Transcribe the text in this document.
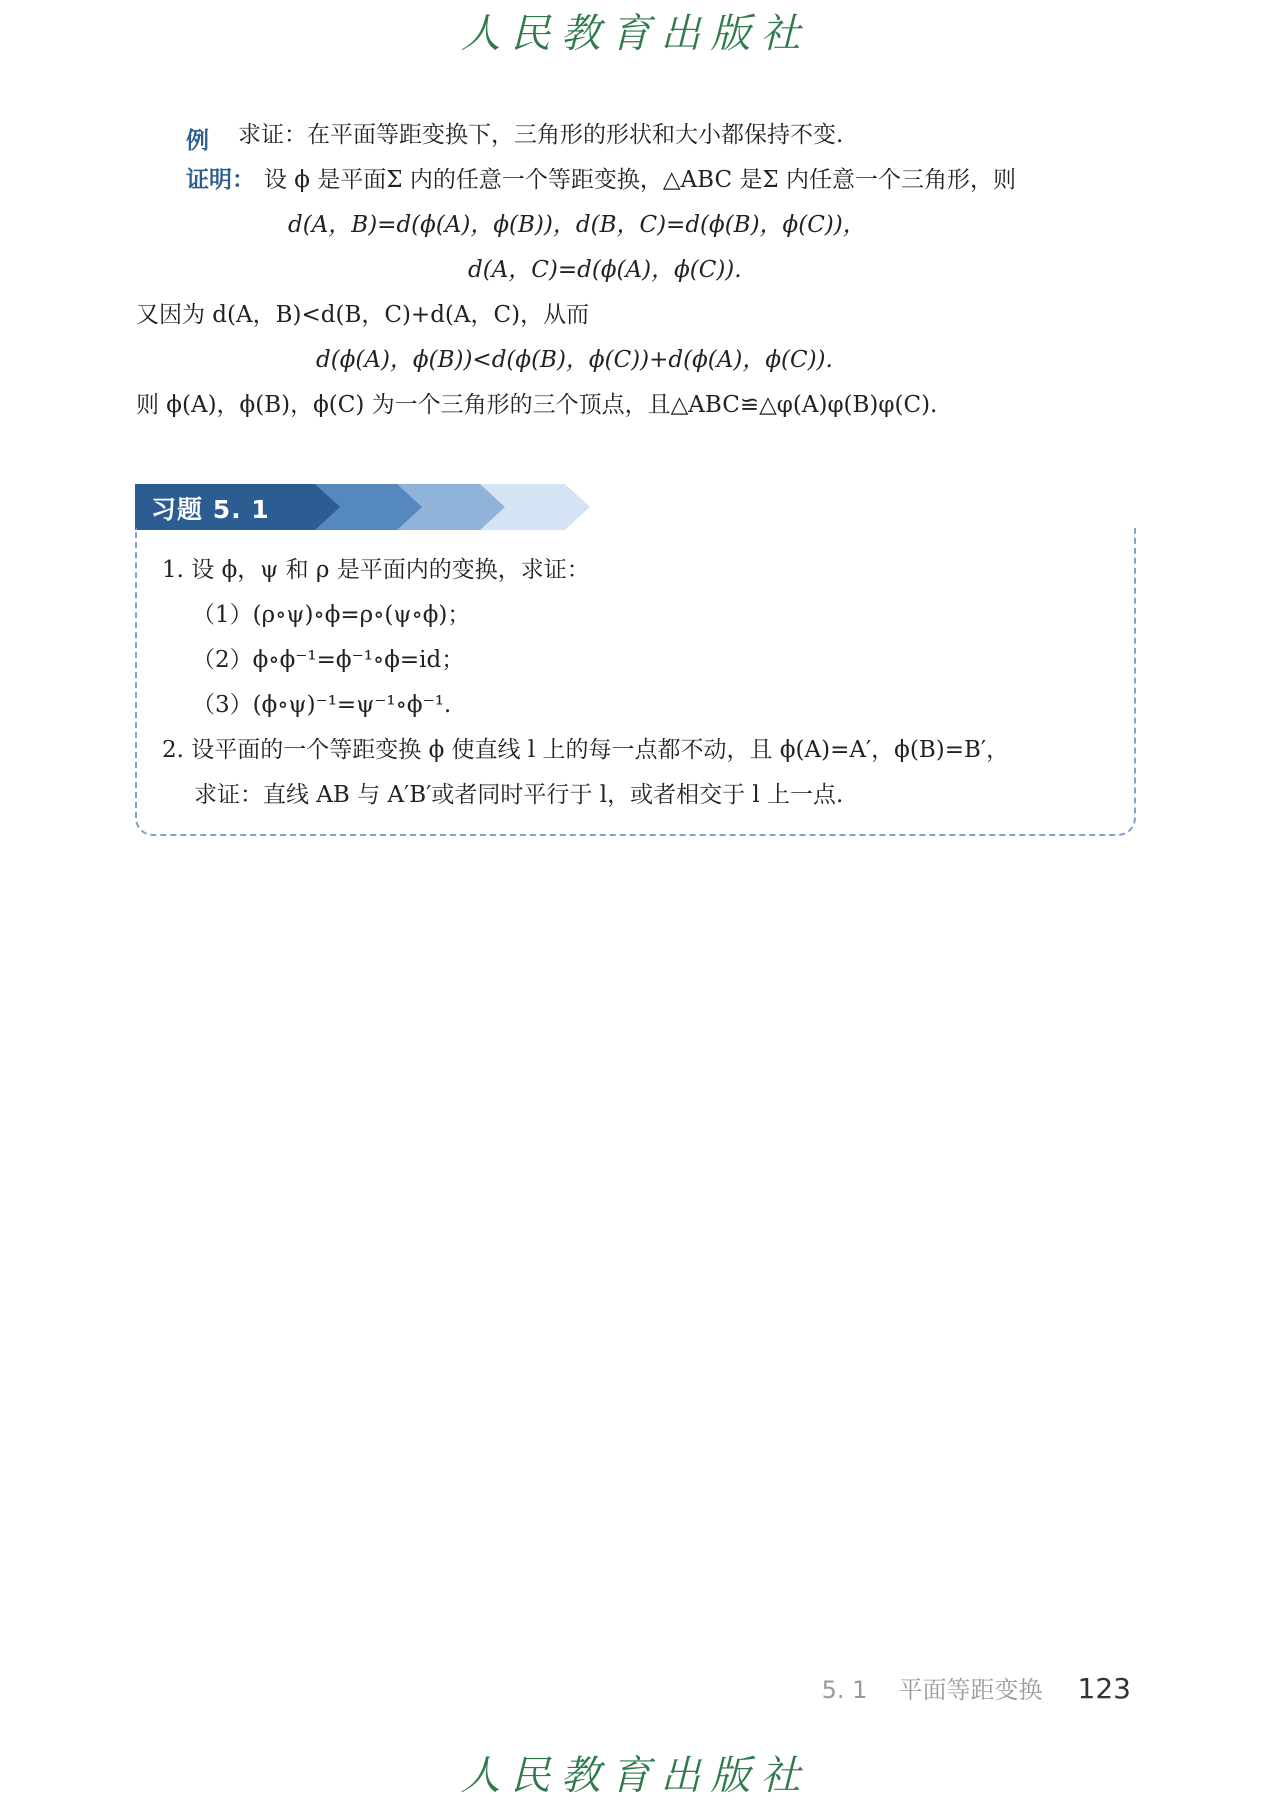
人民教育出版社
例 求证：在平面等距变换下，三角形的形状和大小都保持不变.
证明： 设 ϕ 是平面Σ 内的任意一个等距变换，△ABC 是Σ 内任意一个三角形，则
d(A，B)=d(ϕ(A)，ϕ(B))，d(B，C)=d(ϕ(B)，ϕ(C))，
d(A，C)=d(ϕ(A)，ϕ(C)).
又因为 d(A，B)<d(B，C)+d(A，C)，从而
d(ϕ(A)，ϕ(B))<d(ϕ(B)，ϕ(C))+d(ϕ(A)，ϕ(C)).
则 ϕ(A)，ϕ(B)，ϕ(C) 为一个三角形的三个顶点，且△ABC≌△φ(A)φ(B)φ(C).
习题 5. 1
1. 设 ϕ，ψ 和 ρ 是平面内的变换，求证：
（1）(ρ∘ψ)∘ϕ=ρ∘(ψ∘ϕ)；
（2）ϕ∘ϕ⁻¹=ϕ⁻¹∘ϕ=id；
（3）(ϕ∘ψ)⁻¹=ψ⁻¹∘ϕ⁻¹.
2. 设平面的一个等距变换 ϕ 使直线 l 上的每一点都不动，且 ϕ(A)=A′，ϕ(B)=B′，
求证：直线 AB 与 A′B′或者同时平行于 l，或者相交于 l 上一点.
5. 1 平面等距变换 123
人民教育出版社
